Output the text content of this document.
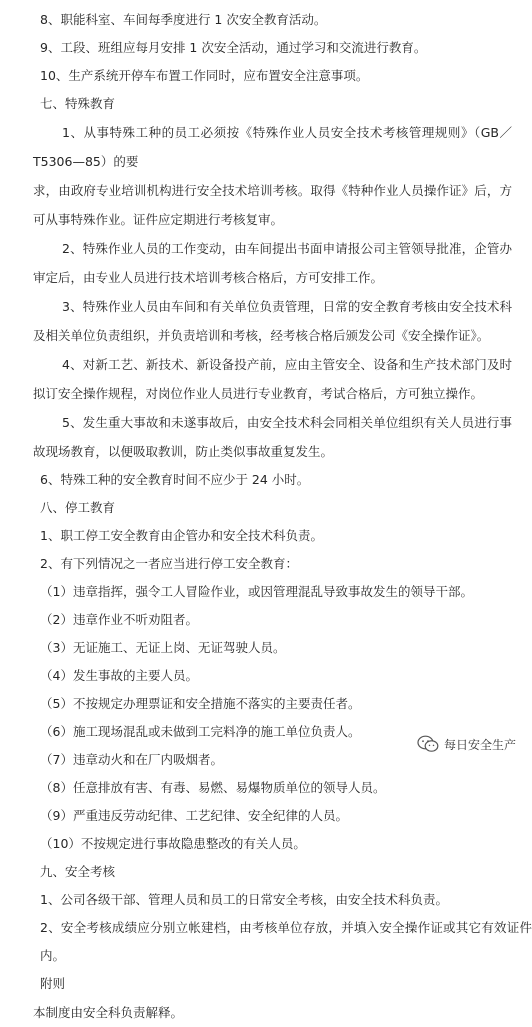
8、职能科室、车间每季度进行 1 次安全教育活动。
9、工段、班组应每月安排 1 次安全活动，通过学习和交流进行教育。
10、生产系统开停车布置工作同时，应布置安全注意事项。
七、特殊教育
1、从事特殊工种的员工必须按《特殊作业人员安全技术考核管理规则》（GB／T5306—85）的要
求，由政府专业培训机构进行安全技术培训考核。取得《特种作业人员操作证》后，方可从事特殊作业。证件应定期进行考核复审。
2、特殊作业人员的工作变动，由车间提出书面申请报公司主管领导批准，企管办审定后，由专业人员进行技术培训考核合格后，方可安排工作。
3、特殊作业人员由车间和有关单位负责管理，日常的安全教育考核由安全技术科及相关单位负责组织，并负责培训和考核，经考核合格后颁发公司《安全操作证》。
4、对新工艺、新技术、新设备投产前，应由主管安全、设备和生产技术部门及时拟订安全操作规程，对岗位作业人员进行专业教育，考试合格后，方可独立操作。
5、发生重大事故和未遂事故后，由安全技术科会同相关单位组织有关人员进行事故现场教育，以便吸取教训，防止类似事故重复发生。
6、特殊工种的安全教育时间不应少于 24 小时。
八、停工教育
1、职工停工安全教育由企管办和安全技术科负责。
2、有下列情况之一者应当进行停工安全教育：
（1）违章指挥，强令工人冒险作业，或因管理混乱导致事故发生的领导干部。
（2）违章作业不听劝阻者。
（3）无证施工、无证上岗、无证驾驶人员。
（4）发生事故的主要人员。
（5）不按规定办理票证和安全措施不落实的主要责任者。
（6）施工现场混乱或未做到工完料净的施工单位负责人。
（7）违章动火和在厂内吸烟者。
（8）任意排放有害、有毒、易燃、易爆物质单位的领导人员。
（9）严重违反劳动纪律、工艺纪律、安全纪律的人员。
（10）不按规定进行事故隐患整改的有关人员。
九、安全考核
1、公司各级干部、管理人员和员工的日常安全考核，由安全技术科负责。
2、安全考核成绩应分别立帐建档，由考核单位存放，并填入安全操作证或其它有效证件内。
附则
本制度由安全科负责解释。
每日安全生产
